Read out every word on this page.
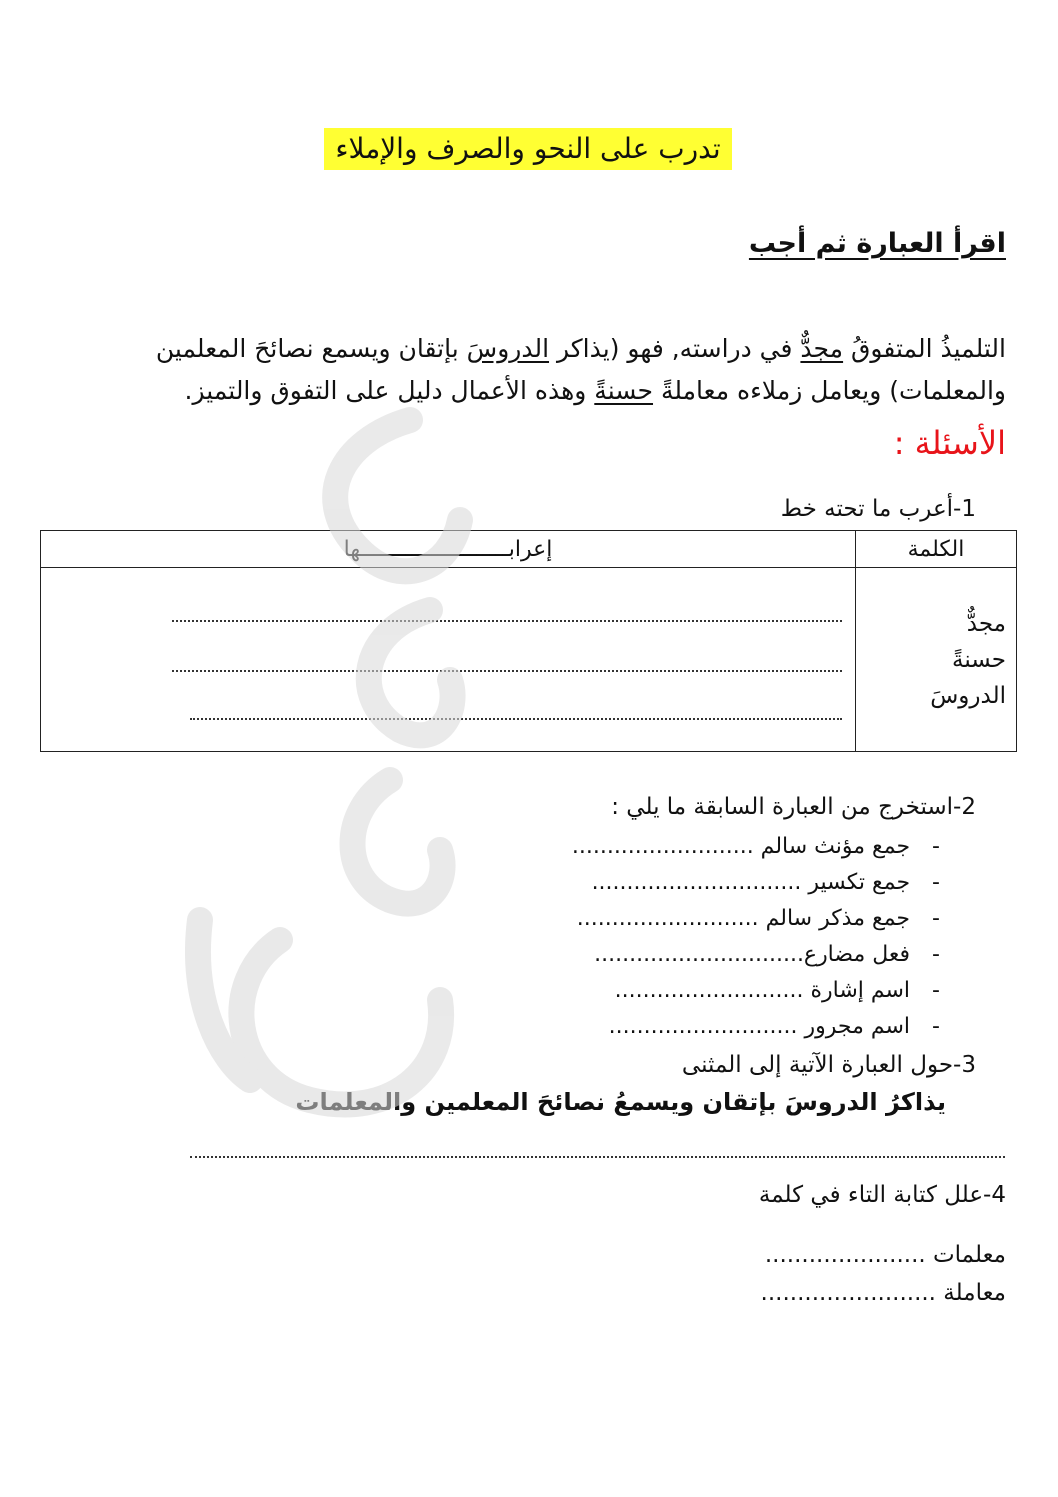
تدرب على النحو والصرف والإملاء
اقرأ العبارة ثم أجب
التلميذُ المتفوقُ مجدٌّ في دراسته, فهو (يذاكر الدروسَ بإتقان ويسمع نصائحَ المعلمين
والمعلمات) ويعامل زملاءه معاملةً حسنةً وهذه الأعمال دليل على التفوق والتميز.
الأسئلة :
1-أعرب ما تحته خط
الكلمة	إعرابـــــــــــــــــــــــها

مجدٌّ
حسنةً
الدروسَ	

2-استخرج من العبارة السابقة ما يلي :
-جمع مؤنث سالم ..........................
-جمع تكسير ..............................
-جمع مذكر سالم ..........................
-فعل مضارع..............................
-اسم إشارة ...........................
-اسم مجرور ...........................
3-حول العبارة الآتية إلى المثنى
يذاكرُ الدروسَ بإتقان ويسمعُ نصائحَ المعلمين والمعلمات
4-علل كتابة التاء في كلمة
معلمات ......................
معاملة ........................
